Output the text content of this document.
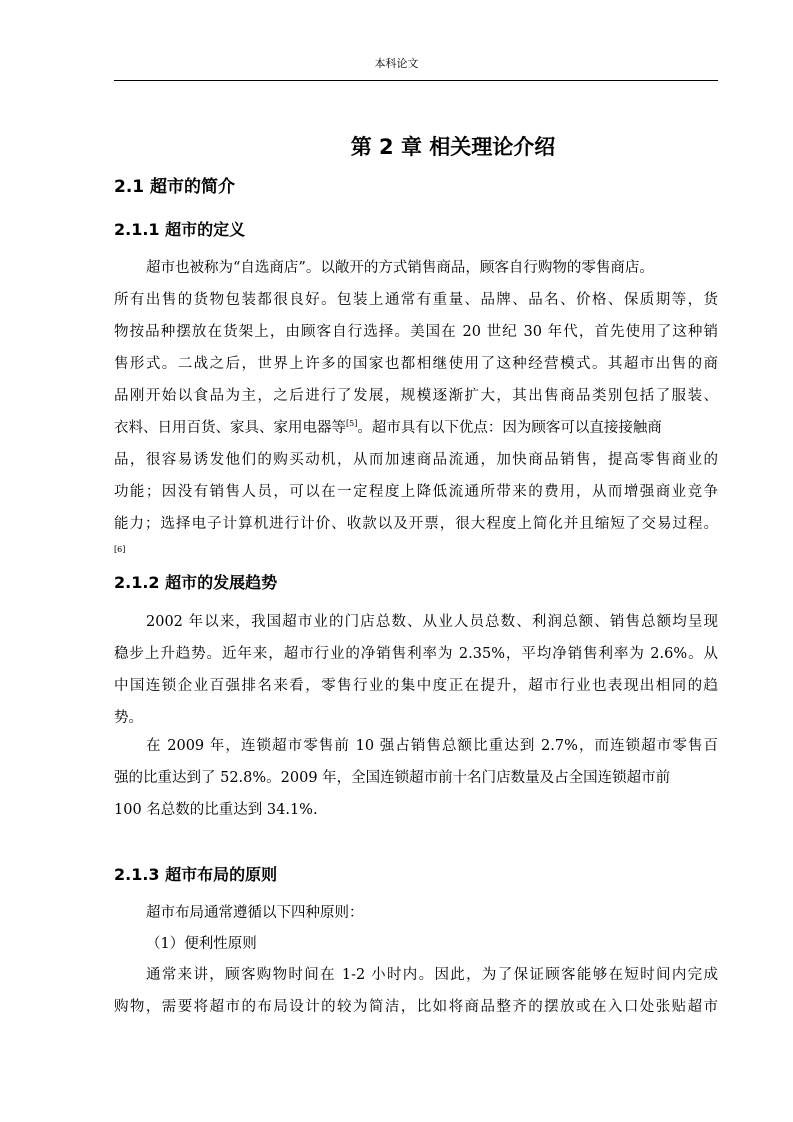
本科论文
第 2 章 相关理论介绍
2.1 超市的简介
2.1.1 超市的定义
超市也被称为“自选商店”。以敞开的方式销售商品，顾客自行购物的零售商店。
所有出售的货物包装都很良好。包装上通常有重量、品牌、品名、价格、保质期等，货
物按品种摆放在货架上，由顾客自行选择。美国在 20 世纪 30 年代，首先使用了这种销
售形式。二战之后，世界上许多的国家也都相继使用了这种经营模式。其超市出售的商
品刚开始以食品为主，之后进行了发展，规模逐渐扩大，其出售商品类别包括了服装、
衣料、日用百货、家具、家用电器等[5]。超市具有以下优点：因为顾客可以直接接触商
品，很容易诱发他们的购买动机，从而加速商品流通，加快商品销售，提高零售商业的
功能；因没有销售人员，可以在一定程度上降低流通所带来的费用，从而增强商业竞争
能力；选择电子计算机进行计价、收款以及开票，很大程度上简化并且缩短了交易过程。
[6]
2.1.2 超市的发展趋势
2002 年以来，我国超市业的门店总数、从业人员总数、利润总额、销售总额均呈现
稳步上升趋势。近年来，超市行业的净销售利率为 2.35%，平均净销售利率为 2.6%。从
中国连锁企业百强排名来看，零售行业的集中度正在提升，超市行业也表现出相同的趋
势。
在 2009 年，连锁超市零售前 10 强占销售总额比重达到 2.7%，而连锁超市零售百
强的比重达到了 52.8%。2009 年，全国连锁超市前十名门店数量及占全国连锁超市前
100 名总数的比重达到 34.1%.
2.1.3 超市布局的原则
超市布局通常遵循以下四种原则：
（1）便利性原则
通常来讲，顾客购物时间在 1-2 小时内。因此，为了保证顾客能够在短时间内完成
购物，需要将超市的布局设计的较为简洁，比如将商品整齐的摆放或在入口处张贴超市
